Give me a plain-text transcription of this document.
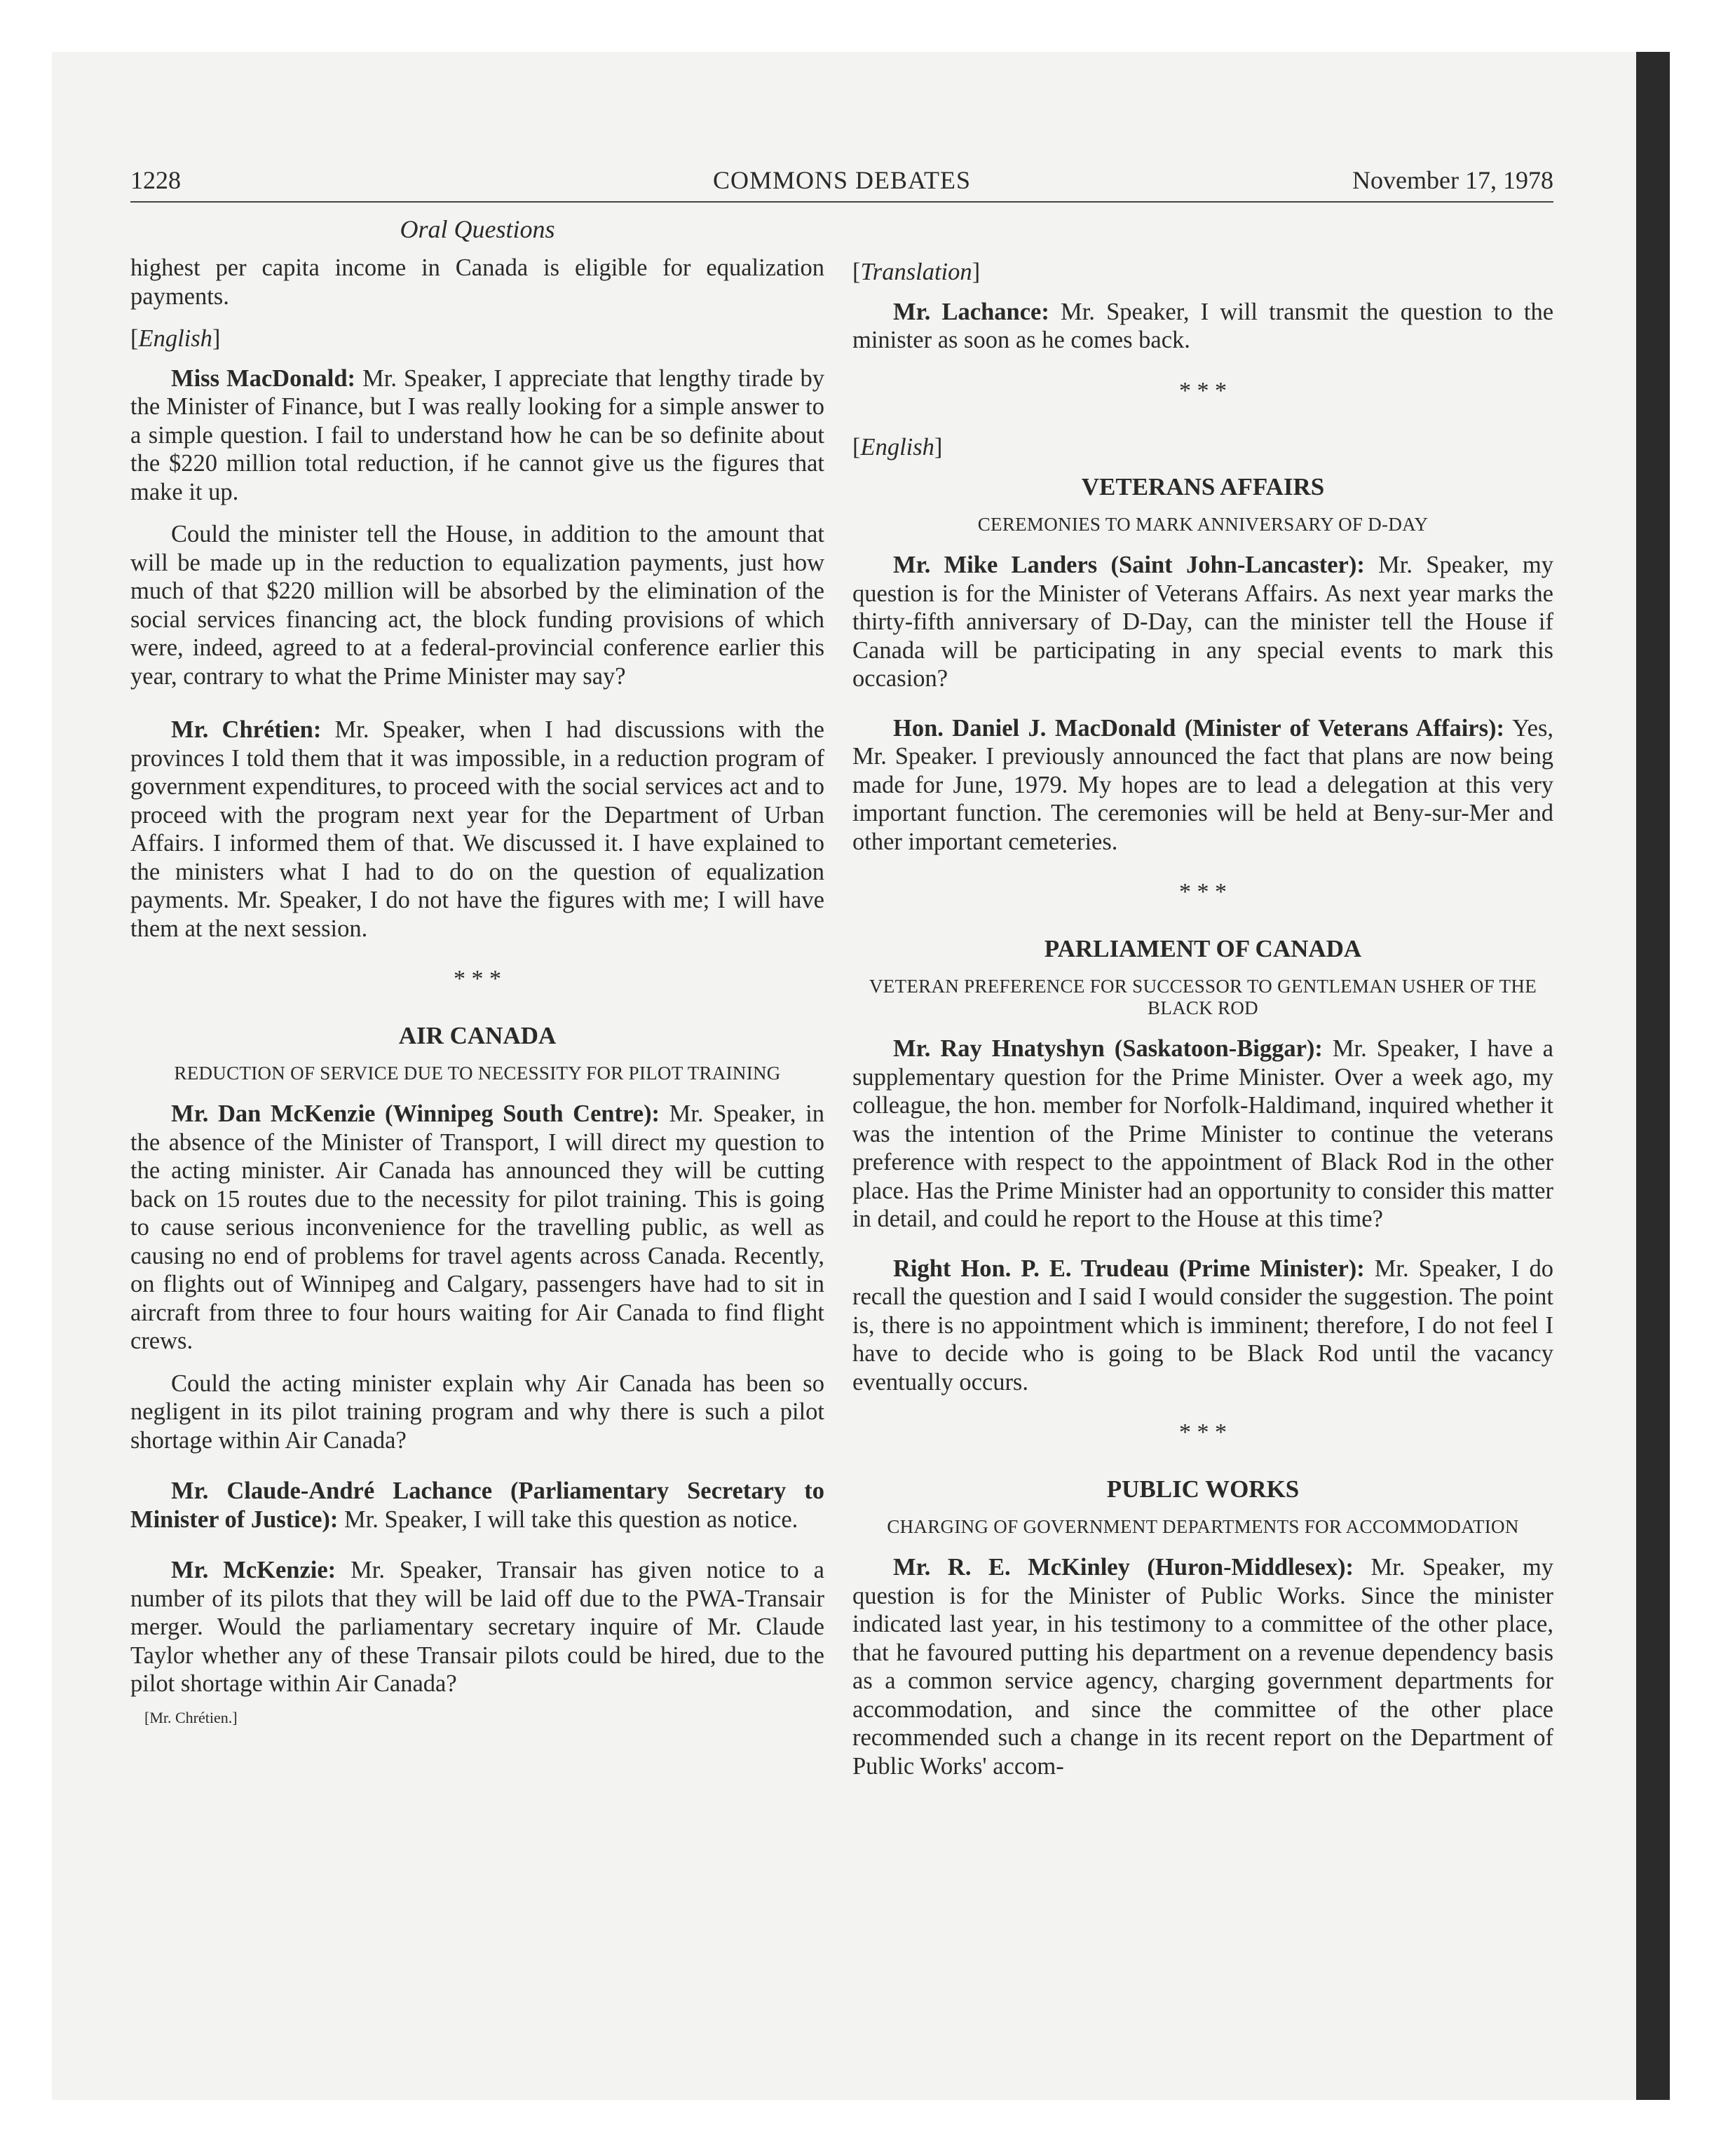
1228	COMMONS DEBATES	November 17, 1978
Oral Questions

highest per capita income in Canada is eligible for equalization payments.

[English]

Miss MacDonald: Mr. Speaker, I appreciate that lengthy tirade by the Minister of Finance, but I was really looking for a simple answer to a simple question. I fail to understand how he can be so definite about the $220 million total reduction, if he cannot give us the figures that make it up.

Could the minister tell the House, in addition to the amount that will be made up in the reduction to equalization payments, just how much of that $220 million will be absorbed by the elimination of the social services financing act, the block funding provisions of which were, indeed, agreed to at a federal-provincial conference earlier this year, contrary to what the Prime Minister may say?

Mr. Chrétien: Mr. Speaker, when I had discussions with the provinces I told them that it was impossible, in a reduction program of government expenditures, to proceed with the social services act and to proceed with the program next year for the Department of Urban Affairs. I informed them of that. We discussed it. I have explained to the ministers what I had to do on the question of equalization payments. Mr. Speaker, I do not have the figures with me; I will have them at the next session.

* * *
AIR CANADA
REDUCTION OF SERVICE DUE TO NECESSITY FOR PILOT TRAINING

Mr. Dan McKenzie (Winnipeg South Centre): Mr. Speaker, in the absence of the Minister of Transport, I will direct my question to the acting minister. Air Canada has announced they will be cutting back on 15 routes due to the necessity for pilot training. This is going to cause serious inconvenience for the travelling public, as well as causing no end of problems for travel agents across Canada. Recently, on flights out of Winnipeg and Calgary, passengers have had to sit in aircraft from three to four hours waiting for Air Canada to find flight crews.

Could the acting minister explain why Air Canada has been so negligent in its pilot training program and why there is such a pilot shortage within Air Canada?

Mr. Claude-André Lachance (Parliamentary Secretary to Minister of Justice): Mr. Speaker, I will take this question as notice.

Mr. McKenzie: Mr. Speaker, Transair has given notice to a number of its pilots that they will be laid off due to the PWA-Transair merger. Would the parliamentary secretary inquire of Mr. Claude Taylor whether any of these Transair pilots could be hired, due to the pilot shortage within Air Canada?

[Mr. Chrétien.]

[Translation]

Mr. Lachance: Mr. Speaker, I will transmit the question to the minister as soon as he comes back.

* * *

[English]

VETERANS AFFAIRS
CEREMONIES TO MARK ANNIVERSARY OF D-DAY

Mr. Mike Landers (Saint John-Lancaster): Mr. Speaker, my question is for the Minister of Veterans Affairs. As next year marks the thirty-fifth anniversary of D-Day, can the minister tell the House if Canada will be participating in any special events to mark this occasion?

Hon. Daniel J. MacDonald (Minister of Veterans Affairs): Yes, Mr. Speaker. I previously announced the fact that plans are now being made for June, 1979. My hopes are to lead a delegation at this very important function. The ceremonies will be held at Beny-sur-Mer and other important cemeteries.

* * *
PARLIAMENT OF CANADA
VETERAN PREFERENCE FOR SUCCESSOR TO GENTLEMAN USHER OF THE BLACK ROD

Mr. Ray Hnatyshyn (Saskatoon-Biggar): Mr. Speaker, I have a supplementary question for the Prime Minister. Over a week ago, my colleague, the hon. member for Norfolk-Haldimand, inquired whether it was the intention of the Prime Minister to continue the veterans preference with respect to the appointment of Black Rod in the other place. Has the Prime Minister had an opportunity to consider this matter in detail, and could he report to the House at this time?

Right Hon. P. E. Trudeau (Prime Minister): Mr. Speaker, I do recall the question and I said I would consider the suggestion. The point is, there is no appointment which is imminent; therefore, I do not feel I have to decide who is going to be Black Rod until the vacancy eventually occurs.

* * *
PUBLIC WORKS
CHARGING OF GOVERNMENT DEPARTMENTS FOR ACCOMMODATION

Mr. R. E. McKinley (Huron-Middlesex): Mr. Speaker, my question is for the Minister of Public Works. Since the minister indicated last year, in his testimony to a committee of the other place, that he favoured putting his department on a revenue dependency basis as a common service agency, charging government departments for accommodation, and since the committee of the other place recommended such a change in its recent report on the Department of Public Works' accom-
